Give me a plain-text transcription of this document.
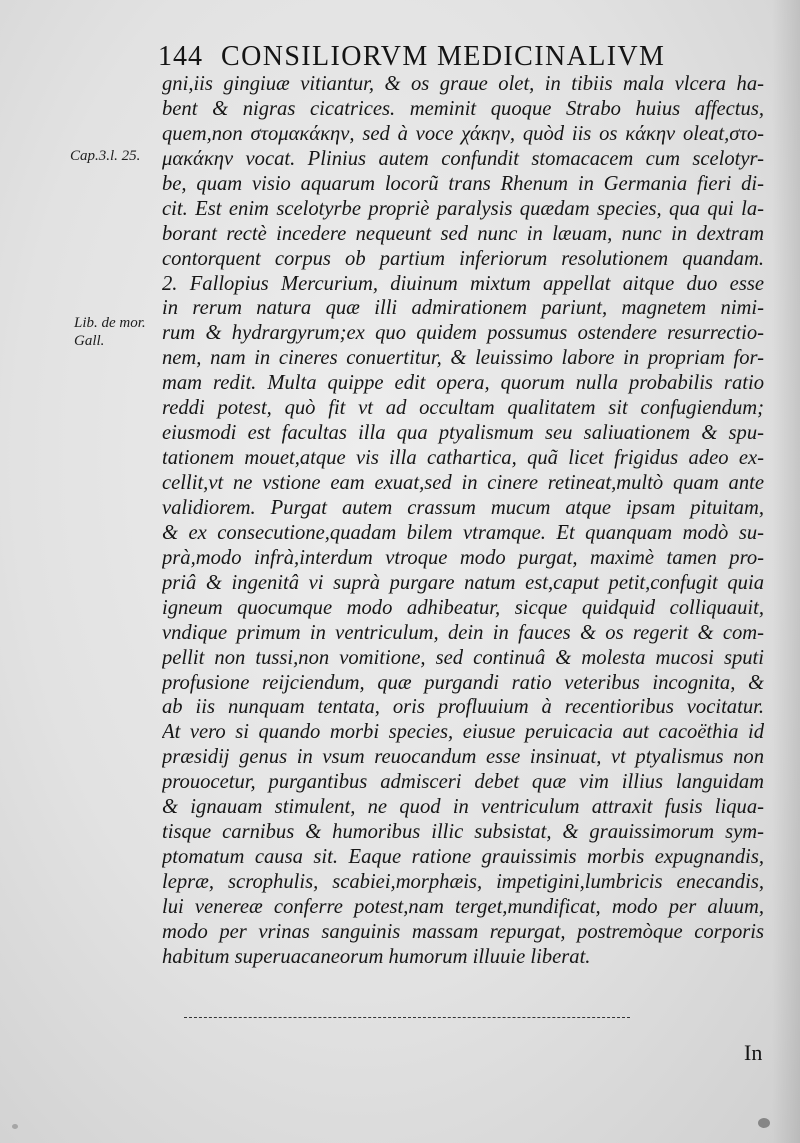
144 CONSILIORVM MEDICINALIVM
Cap.3.l. 25.
Lib. de mor.
Gall.
gni,iis gingiuæ vitiantur, & os graue olet, in tibiis mala vlcera ha-
bent & nigras cicatrices. meminit quoque Strabo huius affectus,
quem,non στομακάκην, sed à voce χάκην, quòd iis os κάκην oleat,στο-
μακάκην vocat. Plinius autem confundit stomacacem cum scelotyr-
be, quam visio aquarum locorũ trans Rhenum in Germania fieri di-
cit. Est enim scelotyrbe propriè paralysis quædam species, qua qui la-
borant rectè incedere nequeunt sed nunc in læuam, nunc in dextram
contorquent corpus ob partium inferiorum resolutionem quandam.
2. Fallopius Mercurium, diuinum mixtum appellat aitque duo esse
in rerum natura quæ illi admirationem pariunt, magnetem nimi-
rum & hydrargyrum;ex quo quidem possumus ostendere resurrectio-
nem, nam in cineres conuertitur, & leuissimo labore in propriam for-
mam redit. Multa quippe edit opera, quorum nulla probabilis ratio
reddi potest, quò fit vt ad occultam qualitatem sit confugiendum;
eiusmodi est facultas illa qua ptyalismum seu saliuationem & spu-
tationem mouet,atque vis illa cathartica, quã licet frigidus adeo ex-
cellit,vt ne vstione eam exuat,sed in cinere retineat,multò quam ante
validiorem. Purgat autem crassum mucum atque ipsam pituitam,
& ex consecutione,quadam bilem vtramque. Et quanquam modò su-
prà,modo infrà,interdum vtroque modo purgat, maximè tamen pro-
priâ & ingenitâ vi suprà purgare natum est,caput petit,confugit quia
igneum quocumque modo adhibeatur, sicque quidquid colliquauit,
vndique primum in ventriculum, dein in fauces & os regerit & com-
pellit non tussi,non vomitione, sed continuâ & molesta mucosi sputi
profusione reijciendum, quæ purgandi ratio veteribus incognita, &
ab iis nunquam tentata, oris profluuium à recentioribus vocitatur.
At vero si quando morbi species, eiusue peruicacia aut cacoëthia id
præsidij genus in vsum reuocandum esse insinuat, vt ptyalismus non
prouocetur, purgantibus admisceri debet quæ vim illius languidam
& ignauam stimulent, ne quod in ventriculum attraxit fusis liqua-
tisque carnibus & humoribus illic subsistat, & grauissimorum sym-
ptomatum causa sit. Eaque ratione grauissimis morbis expugnandis,
lepræ, scrophulis, scabiei,morphæis, impetigini,lumbricis enecandis,
lui venereæ conferre potest,nam terget,mundificat, modo per aluum,
modo per vrinas sanguinis massam repurgat, postremòque corporis
habitum superuacaneorum humorum illuuie liberat.
In
